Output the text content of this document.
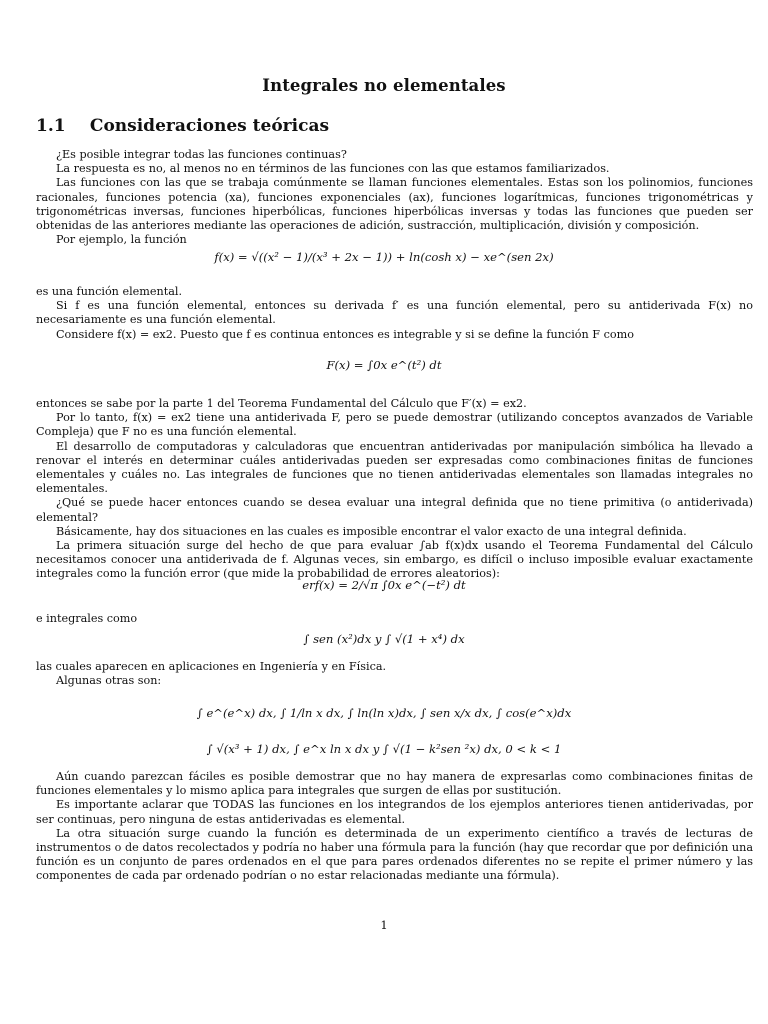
Integrales no elementales
1.1 Consideraciones teóricas

¿Es posible integrar todas las funciones continuas?

La respuesta es no, al menos no en términos de las funciones con las que estamos familiarizados.

Las funciones con las que se trabaja comúnmente se llaman funciones elementales. Estas son los polinomios, funciones racionales, funciones potencia (xa), funciones exponenciales (ax), funciones logarítmicas, funciones trigonométricas y trigonométricas inversas, funciones hiperbólicas, funciones hiperbólicas inversas y todas las funciones que pueden ser obtenidas de las anteriores mediante las operaciones de adición, sustracción, multiplicación, división y composición.

Por ejemplo, la función

f(x) = √((x² − 1)/(x³ + 2x − 1)) + ln(cosh x) − xe^(sen 2x)

es una función elemental.

Si f es una función elemental, entonces su derivada f′ es una función elemental, pero su antiderivada F(x) no necesariamente es una función elemental.

Considere f(x) = ex2. Puesto que f es continua entonces es integrable y si se define la función F como

F(x) = ∫0x e^(t²) dt

entonces se sabe por la parte 1 del Teorema Fundamental del Cálculo que F′(x) = ex2.

Por lo tanto, f(x) = ex2 tiene una antiderivada F, pero se puede demostrar (utilizando conceptos avanzados de Variable Compleja) que F no es una función elemental.

El desarrollo de computadoras y calculadoras que encuentran antiderivadas por manipulación simbólica ha llevado a renovar el interés en determinar cuáles antiderivadas pueden ser expresadas como combinaciones finitas de funciones elementales y cuáles no. Las integrales de funciones que no tienen antiderivadas elementales son llamadas integrales no elementales.

¿Qué se puede hacer entonces cuando se desea evaluar una integral definida que no tiene primitiva (o antiderivada) elemental?

Básicamente, hay dos situaciones en las cuales es imposible encontrar el valor exacto de una integral definida.

La primera situación surge del hecho de que para evaluar ∫ab f(x)dx usando el Teorema Fundamental del Cálculo necesitamos conocer una antiderivada de f. Algunas veces, sin embargo, es difícil o incluso imposible evaluar exactamente integrales como la función error (que mide la probabilidad de errores aleatorios):

erf(x) = 2/√π ∫0x e^(−t²) dt

e integrales como

∫ sen (x²)dx y ∫ √(1 + x⁴) dx

las cuales aparecen en aplicaciones en Ingeniería y en Física.

Algunas otras son:

∫ e^(e^x) dx, ∫ 1/ln x dx, ∫ ln(ln x)dx, ∫ sen x/x dx, ∫ cos(e^x)dx
∫ √(x³ + 1) dx, ∫ e^x ln x dx y ∫ √(1 − k²sen ²x) dx, 0 < k < 1

Aún cuando parezcan fáciles es posible demostrar que no hay manera de expresarlas como combinaciones finitas de funciones elementales y lo mismo aplica para integrales que surgen de ellas por sustitución.

Es importante aclarar que TODAS las funciones en los integrandos de los ejemplos anteriores tienen antiderivadas, por ser continuas, pero ninguna de estas antiderivadas es elemental.

La otra situación surge cuando la función es determinada de un experimento científico a través de lecturas de instrumentos o de datos recolectados y podría no haber una fórmula para la función (hay que recordar que por definición una función es un conjunto de pares ordenados en el que para pares ordenados diferentes no se repite el primer número y las componentes de cada par ordenado podrían o no estar relacionadas mediante una fórmula).

1
